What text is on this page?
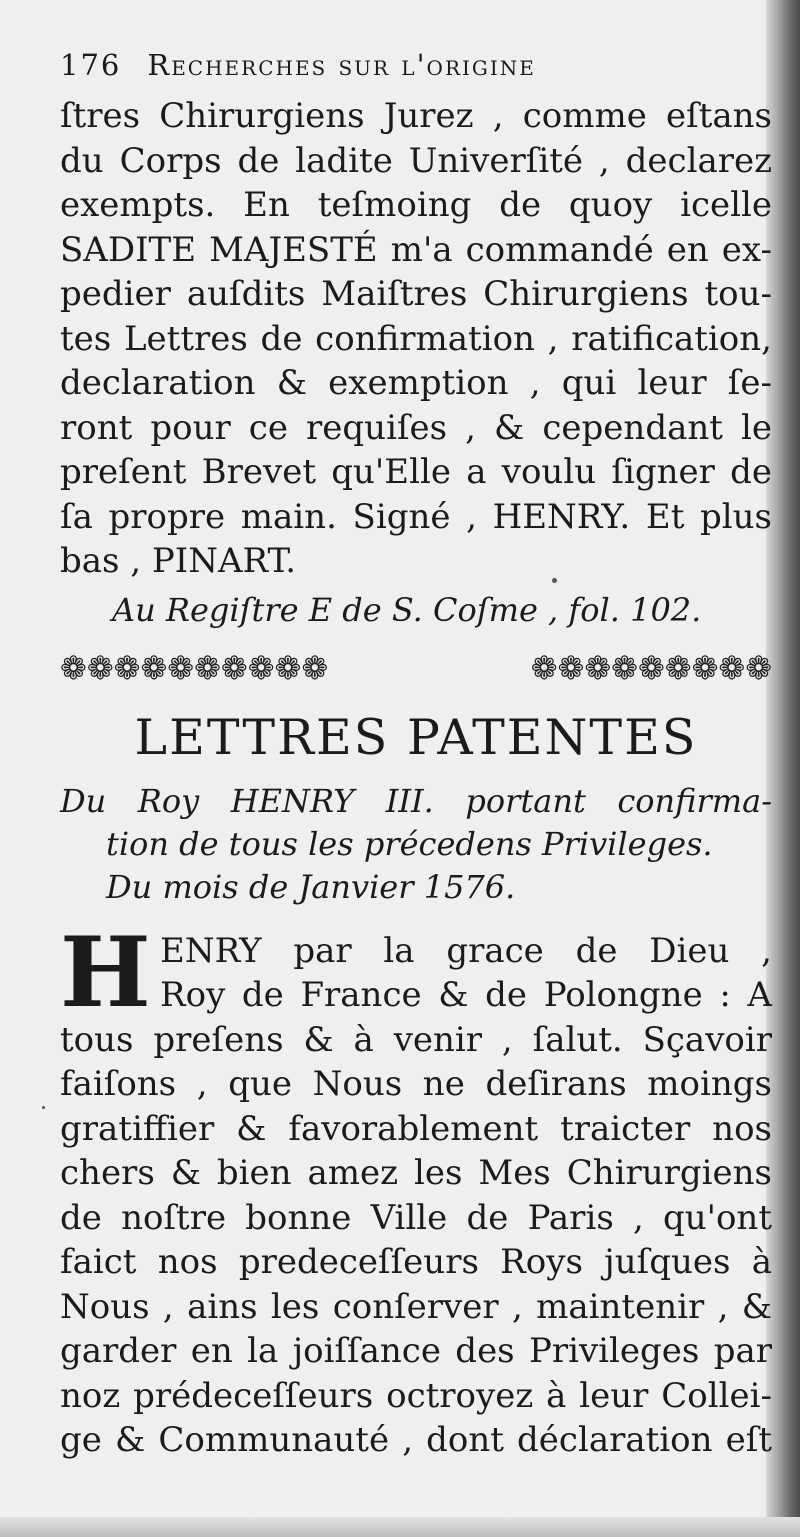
176 Recherches sur l'origine
ſtres Chirurgiens Jurez , comme eſtans
du Corps de ladite Univerſité , declarez
exempts. En teſmoing de quoy icelle
SADITE MAJESTÉ m'a commandé en ex-
pedier auſdits Maiſtres Chirurgiens tou-
tes Lettres de confirmation , ratification,
declaration & exemption , qui leur ſe-
ront pour ce requiſes , & cependant le
preſent Brevet qu'Elle a voulu ſigner de
ſa propre main. Signé , HENRY. Et plus
bas , PINART.
Au Regiſtre E de S. Coſme , fol. 102.
❁❁❁❁❁❁❁❁❁❁	❁❁❁❁❁❁❁❁❁
LETTRES PATENTES
Du Roy HENRY III. portant confirma-
tion de tous les précedens Privileges.
Du mois de Janvier 1576.
H ENRY par la grace de Dieu ,
Roy de France & de Polongne : A
tous preſens & à venir , ſalut. Sçavoir
faiſons , que Nous ne deſirans moings
gratiffier & favorablement traicter nos
chers & bien amez les Mes Chirurgiens
de noſtre bonne Ville de Paris , qu'ont
faict nos predeceſſeurs Roys juſques à
Nous , ains les conſerver , maintenir , &
garder en la joiſſance des Privileges par
noz prédeceſſeurs octroyez à leur Collei-
ge & Communauté , dont déclaration eſt
